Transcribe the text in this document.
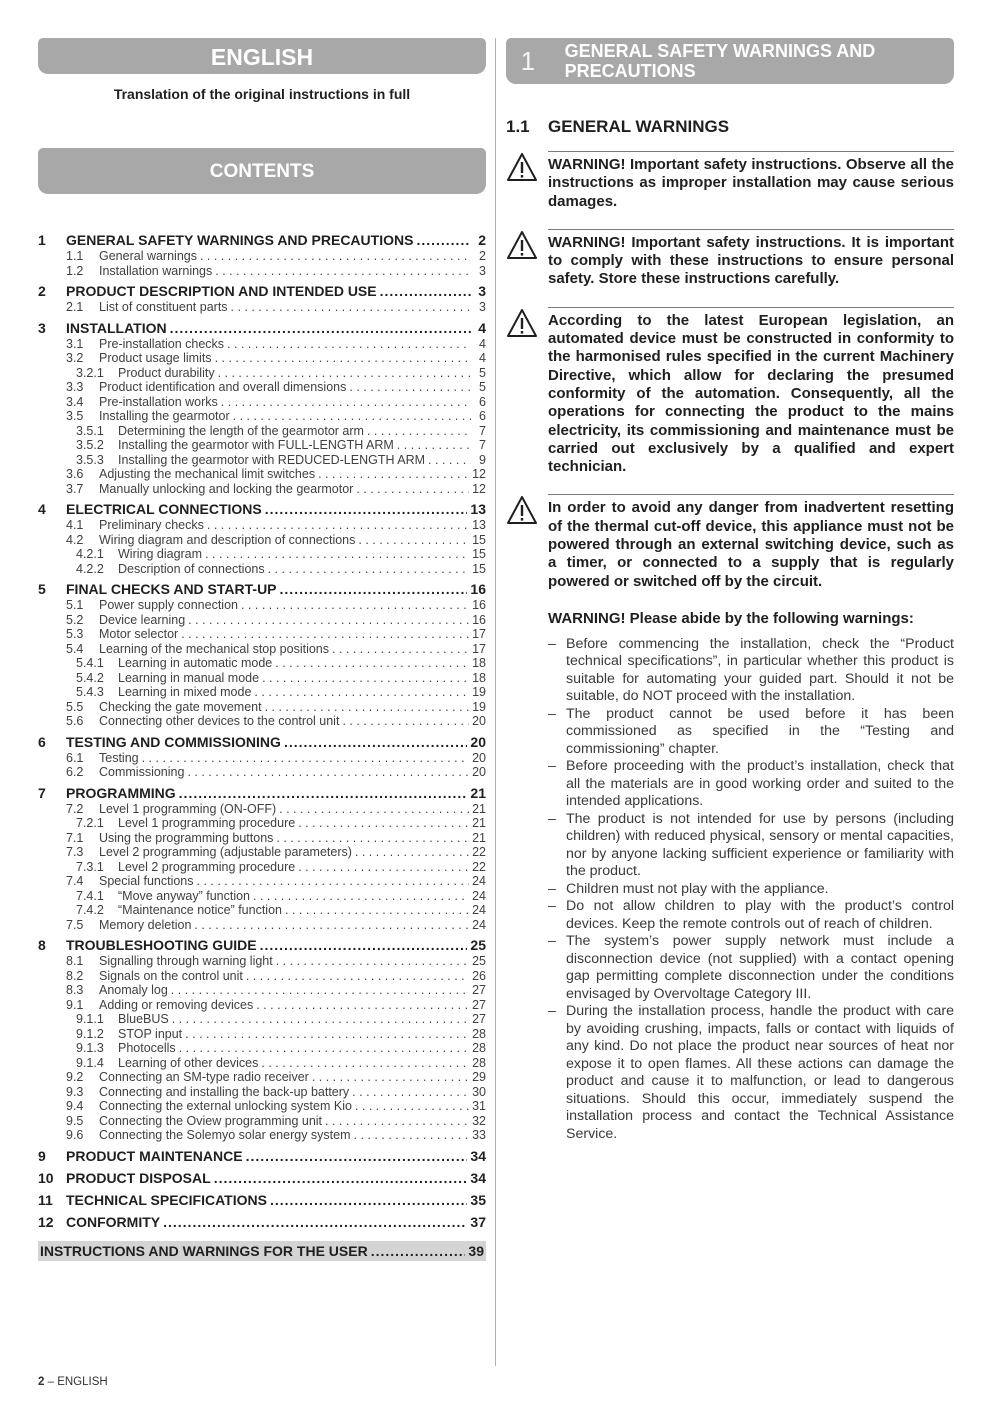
ENGLISH
Translation of the original instructions in full
CONTENTS
1	GENERAL SAFETY WARNINGS AND PRECAUTIONS .....	2
1.1	General warnings . . .	2
1.2	Installation warnings . . .	3
2	PRODUCT DESCRIPTION AND INTENDED USE .....	3
2.1	List of constituent parts . . .	3
3	INSTALLATION .....	4
3.1	Pre-installation checks . . .	4
3.2	Product usage limits . . .	4
3.2.1	Product durability . . .	5
3.3	Product identification and overall dimensions . . .	5
3.4	Pre-installation works . . .	6
3.5	Installing the gearmotor . . .	6
3.5.1	Determining the length of the gearmotor arm . . .	7
3.5.2	Installing the gearmotor with FULL-LENGTH ARM . . .	7
3.5.3	Installing the gearmotor with REDUCED-LENGTH ARM . . .	9
3.6	Adjusting the mechanical limit switches . . .	12
3.7	Manually unlocking and locking the gearmotor . . .	12
4	ELECTRICAL CONNECTIONS .....	13
4.1	Preliminary checks . . .	13
4.2	Wiring diagram and description of connections . . .	15
4.2.1	Wiring diagram . . .	15
4.2.2	Description of connections . . .	15
5	FINAL CHECKS AND START-UP .....	16
5.1	Power supply connection . . .	16
5.2	Device learning . . .	16
5.3	Motor selector . . .	17
5.4	Learning of the mechanical stop positions . . .	17
5.4.1	Learning in automatic mode . . .	18
5.4.2	Learning in manual mode . . .	18
5.4.3	Learning in mixed mode . . .	19
5.5	Checking the gate movement . . .	19
5.6	Connecting other devices to the control unit . . .	20
6	TESTING AND COMMISSIONING .....	20
6.1	Testing . . .	20
6.2	Commissioning . . .	20
7	PROGRAMMING .....	21
7.2	Level 1 programming (ON-OFF) . . .	21
7.2.1	Level 1 programming procedure . . .	21
7.1	Using the programming buttons . . .	21
7.3	Level 2 programming (adjustable parameters) . . .	22
7.3.1	Level 2 programming procedure . . .	22
7.4	Special functions . . .	24
7.4.1	“Move anyway” function . . .	24
7.4.2	“Maintenance notice” function . . .	24
7.5	Memory deletion . . .	24
8	TROUBLESHOOTING GUIDE .....	25
8.1	Signalling through warning light . . .	25
8.2	Signals on the control unit . . .	26
8.3	Anomaly log . . .	27
9.1	Adding or removing devices . . .	27
9.1.1	BlueBUS . . .	27
9.1.2	STOP input . . .	28
9.1.3	Photocells . . .	28
9.1.4	Learning of other devices . . .	28
9.2	Connecting an SM-type radio receiver . . .	29
9.3	Connecting and installing the back-up battery . . .	30
9.4	Connecting the external unlocking system Kio . . .	31
9.5	Connecting the Oview programming unit . . .	32
9.6	Connecting the Solemyo solar energy system . . .	33
9	PRODUCT MAINTENANCE .....	34
10 PRODUCT DISPOSAL .....	34
11 TECHNICAL SPECIFICATIONS .....	35
12 CONFORMITY .....	37
INSTRUCTIONS AND WARNINGS FOR THE USER .....	39
1	GENERAL SAFETY WARNINGS AND PRECAUTIONS
1.1	GENERAL WARNINGS
WARNING! Important safety instructions. Observe all the instructions as improper installation may cause serious damages.
WARNING! Important safety instructions. It is important to comply with these instructions to ensure personal safety. Store these instructions carefully.
According to the latest European legislation, an automated device must be constructed in conformity to the harmonised rules specified in the current Machinery Directive, which allow for declaring the presumed conformity of the automation. Consequently, all the operations for connecting the product to the mains electricity, its commissioning and maintenance must be carried out exclusively by a qualified and expert technician.
In order to avoid any danger from inadvertent resetting of the thermal cut-off device, this appliance must not be powered through an external switching device, such as a timer, or connected to a supply that is regularly powered or switched off by the circuit.
WARNING! Please abide by the following warnings:
– Before commencing the installation, check the “Product technical specifications”, in particular whether this product is suitable for automating your guided part. Should it not be suitable, do NOT proceed with the installation.
– The product cannot be used before it has been commissioned as specified in the “Testing and commissioning” chapter.
– Before proceeding with the product’s installation, check that all the materials are in good working order and suited to the intended applications.
– The product is not intended for use by persons (including children) with reduced physical, sensory or mental capacities, nor by anyone lacking sufficient experience or familiarity with the product.
– Children must not play with the appliance.
– Do not allow children to play with the product’s control devices. Keep the remote controls out of reach of children.
– The system’s power supply network must include a disconnection device (not supplied) with a contact opening gap permitting complete disconnection under the conditions envisaged by Overvoltage Category III.
– During the installation process, handle the product with care by avoiding crushing, impacts, falls or contact with liquids of any kind. Do not place the product near sources of heat nor expose it to open flames. All these actions can damage the product and cause it to malfunction, or lead to dangerous situations. Should this occur, immediately suspend the installation process and contact the Technical Assistance Service.
2 – ENGLISH
